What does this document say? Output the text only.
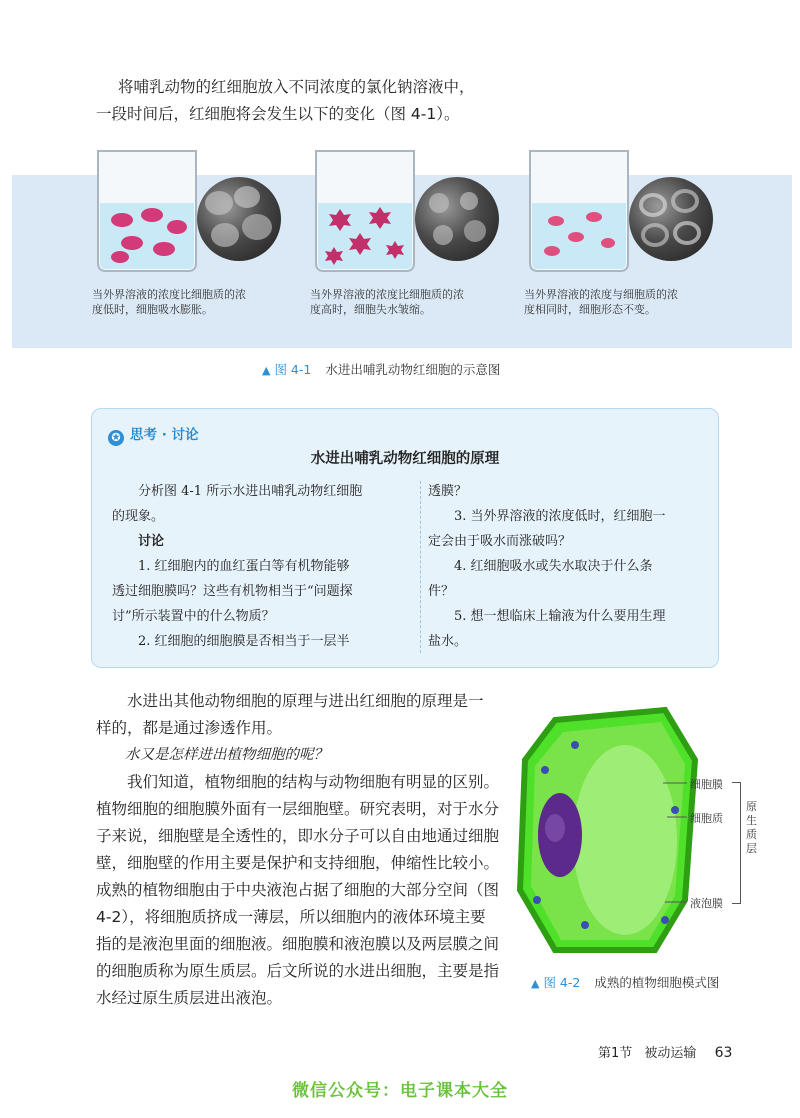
将哺乳动物的红细胞放入不同浓度的氯化钠溶液中，
一段时间后，红细胞将会发生以下的变化（图 4-1）。
当外界溶液的浓度比细胞质的浓
度低时，细胞吸水膨胀。
当外界溶液的浓度比细胞质的浓
度高时，细胞失水皱缩。
当外界溶液的浓度与细胞质的浓
度相同时，细胞形态不变。
▲ 图 4-1 水进出哺乳动物红细胞的示意图
✪ 思考 · 讨论
水进出哺乳动物红细胞的原理

分析图 4-1 所示水进出哺乳动物红细胞

的现象。

讨论

1. 红细胞内的血红蛋白等有机物能够

透过细胞膜吗？这些有机物相当于“问题探

讨”所示装置中的什么物质？

2. 红细胞的细胞膜是否相当于一层半

透膜？

3. 当外界溶液的浓度低时，红细胞一

定会由于吸水而涨破吗？

4. 红细胞吸水或失水取决于什么条

件？

5. 想一想临床上输液为什么要用生理

盐水。

水进出其他动物细胞的原理与进出红细胞的原理是一
样的，都是通过渗透作用。
水又是怎样进出植物细胞的呢？
我们知道，植物细胞的结构与动物细胞有明显的区别。
植物细胞的细胞膜外面有一层细胞壁。研究表明，对于水分
子来说，细胞壁是全透性的，即水分子可以自由地通过细胞
壁，细胞壁的作用主要是保护和支持细胞，伸缩性比较小。
成熟的植物细胞由于中央液泡占据了细胞的大部分空间（图
4-2），将细胞质挤成一薄层，所以细胞内的液体环境主要
指的是液泡里面的细胞液。细胞膜和液泡膜以及两层膜之间
的细胞质称为原生质层。后文所说的水进出细胞，主要是指
水经过原生质层进出液泡。
细胞膜
细胞质
液泡膜
原生质层
▲ 图 4-2 成熟的植物细胞模式图
第1节 被动运输 63
微信公众号：电子课本大全
